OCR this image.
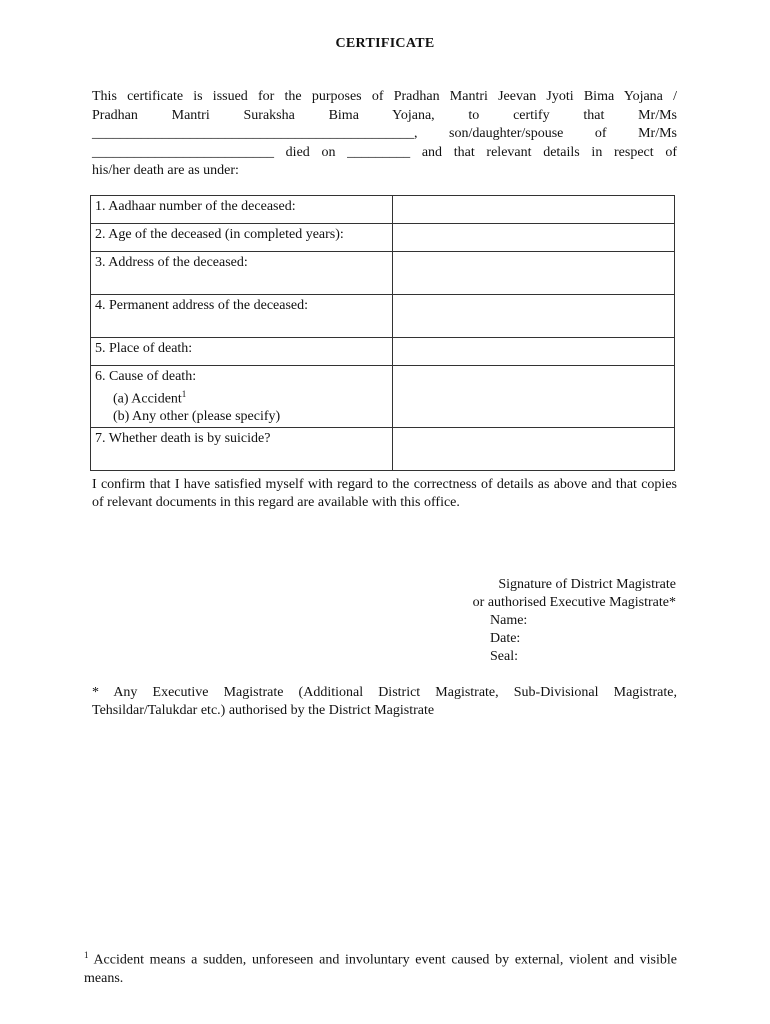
CERTIFICATE
This certificate is issued for the purposes of Pradhan Mantri Jeevan Jyoti Bima Yojana /
Pradhan Mantri Suraksha Bima Yojana, to certify that Mr/Ms
______________________________________________, son/daughter/spouse of Mr/Ms
__________________________ died on _________ and that relevant details in respect of
his/her death are as under:
1. Aadhaar number of the deceased:	
2. Age of the deceased (in completed years):	
3. Address of the deceased:	
4. Permanent address of the deceased:	
5. Place of death:	
6. Cause of death:
(a) Accident$^1$
(b) Any other (please specify)	

7. Whether death is by suicide?	
I confirm that I have satisfied myself with regard to the correctness of details as above and that copies of relevant documents in this regard are available with this office.
Signature of District Magistrate
or authorised Executive Magistrate*
Name:
Date:
Seal:
* Any Executive Magistrate (Additional District Magistrate, Sub-Divisional Magistrate, Tehsildar/Talukdar etc.) authorised by the District Magistrate
$^1$ Accident means a sudden, unforeseen and involuntary event caused by external, violent and visible means.
